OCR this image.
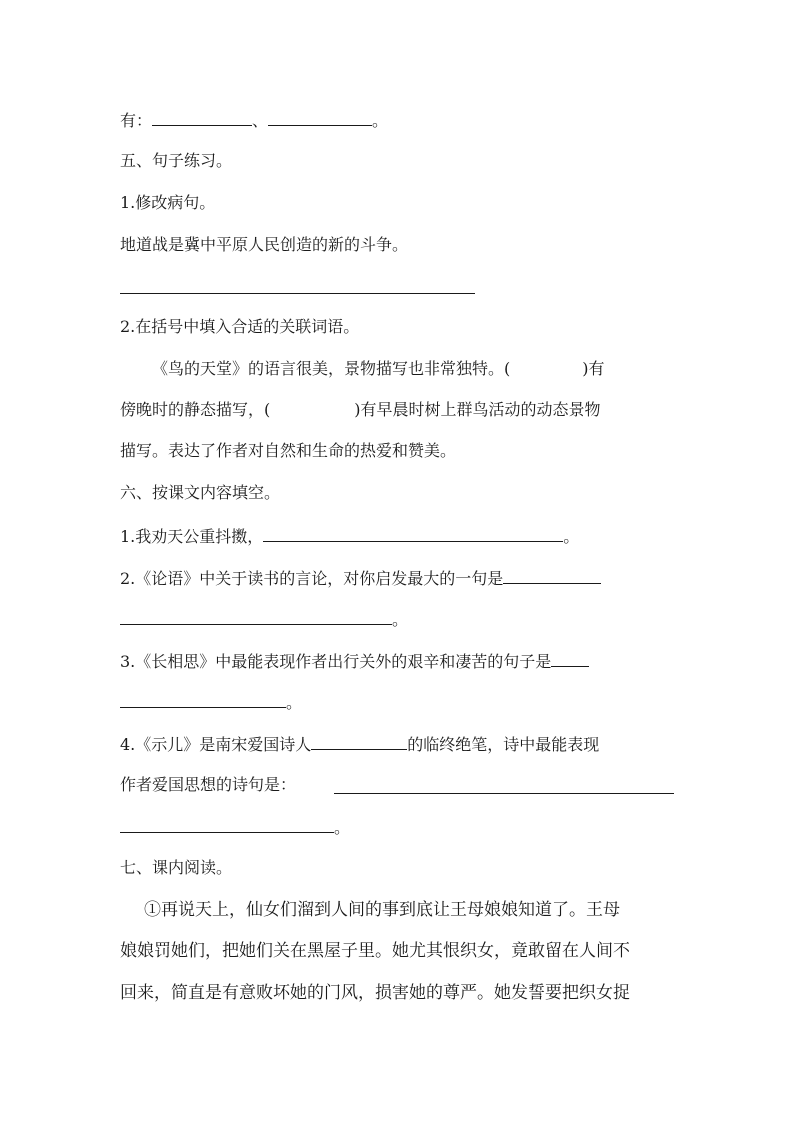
有：	、	。
五、句子练习。
1.修改病句。
地道战是冀中平原人民创造的新的斗争。
2.在括号中填入合适的关联词语。
《鸟的天堂》的语言很美，景物描写也非常独特。(	)有
傍晚时的静态描写，(	)有早晨时树上群鸟活动的动态景物
描写。表达了作者对自然和生命的热爱和赞美。
六、按课文内容填空。
1.我劝天公重抖擞，	。
2.《论语》中关于读书的言论，对你启发最大的一句是
。
3.《长相思》中最能表现作者出行关外的艰辛和凄苦的句子是
。
4.《示儿》是南宋爱国诗人	的临终绝笔，诗中最能表现
作者爱国思想的诗句是：
。
七、课内阅读。
①再说天上，仙女们溜到人间的事到底让王母娘娘知道了。王母
娘娘罚她们，把她们关在黑屋子里。她尤其恨织女，竟敢留在人间不
回来，简直是有意败坏她的门风，损害她的尊严。她发誓要把织女捉
